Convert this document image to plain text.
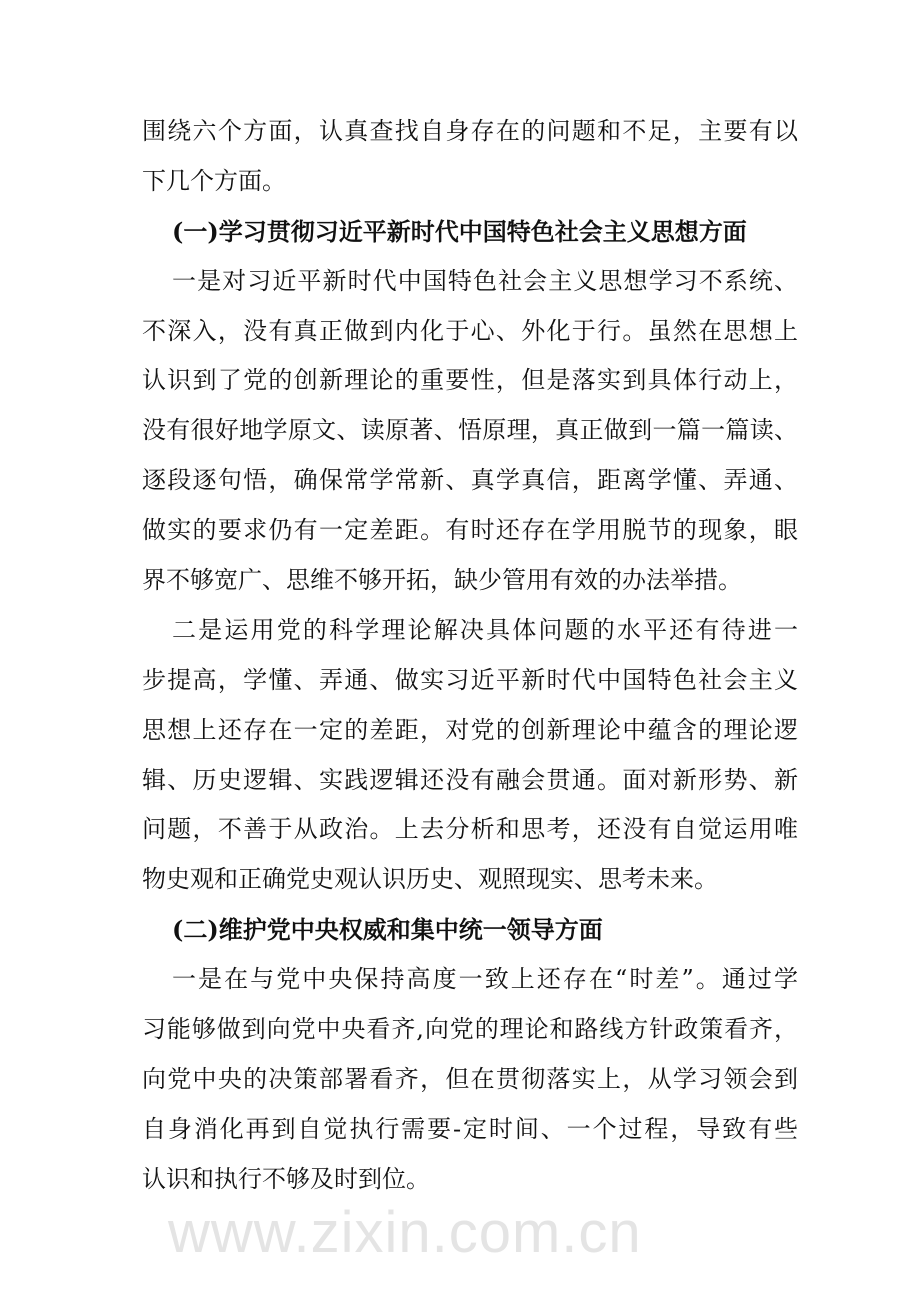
www.zixin.com.cn
围绕六个方面，认真查找自身存在的问题和不足，主要有以
下几个方面。
(一)学习贯彻习近平新时代中国特色社会主义思想方面
一是对习近平新时代中国特色社会主义思想学习不系统、
不深入，没有真正做到内化于心、外化于行。虽然在思想上
认识到了党的创新理论的重要性，但是落实到具体行动上，
没有很好地学原文、读原著、悟原理，真正做到一篇一篇读、
逐段逐句悟，确保常学常新、真学真信，距离学懂、弄通、
做实的要求仍有一定差距。有时还存在学用脱节的现象，眼
界不够宽广、思维不够开拓，缺少管用有效的办法举措。
二是运用党的科学理论解决具体问题的水平还有待进一
步提高，学懂、弄通、做实习近平新时代中国特色社会主义
思想上还存在一定的差距，对党的创新理论中蕴含的理论逻
辑、历史逻辑、实践逻辑还没有融会贯通。面对新形势、新
问题，不善于从政治。上去分析和思考，还没有自觉运用唯
物史观和正确党史观认识历史、观照现实、思考未来。
(二)维护党中央权威和集中统一领导方面
一是在与党中央保持高度一致上还存在“时差”。通过学
习能够做到向党中央看齐,向党的理论和路线方针政策看齐，
向党中央的决策部署看齐，但在贯彻落实上，从学习领会到
自身消化再到自觉执行需要-定时间、一个过程，导致有些
认识和执行不够及时到位。
